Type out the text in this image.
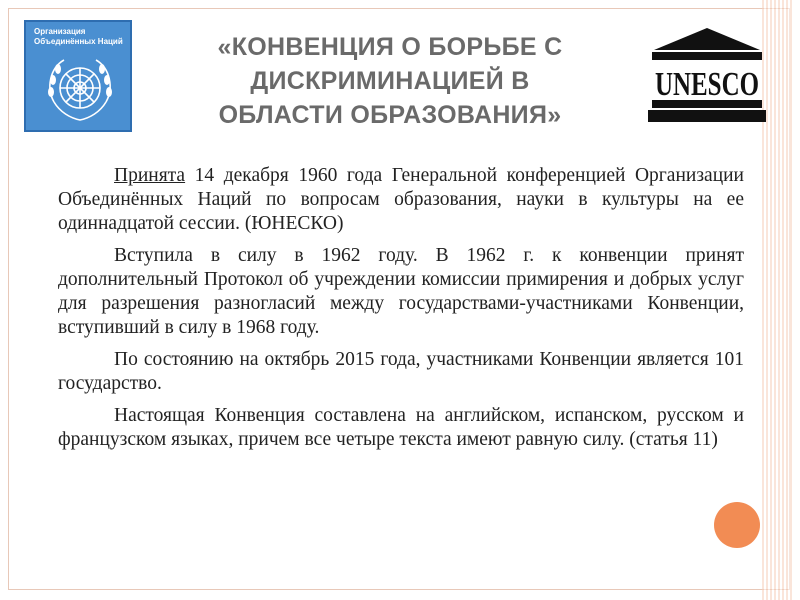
Организация
Объединённых Наций	«КОНВЕНЦИЯ О БОРЬБЕ С
ДИСКРИМИНАЦИЕЙ В
ОБЛАСТИ ОБРАЗОВАНИЯ»
UNESCO

Принята 14 декабря 1960 года Генеральной конференцией Организации Объединённых Наций по вопросам образования, науки в культуры на ее одиннадцатой сессии. (ЮНЕСКО)

Вступила в силу в 1962 году. В 1962 г. к конвенции принят дополнительный Протокол об учреждении комиссии примирения и добрых услуг для разрешения разногласий между государствами-участниками Конвенции, вступивший в силу в 1968 году.

По состоянию на октябрь 2015 года, участниками Конвенции является 101 государство.

Настоящая Конвенция составлена на английском, испанском, русском и французском языках, причем все четыре текста имеют равную силу. (статья 11)
